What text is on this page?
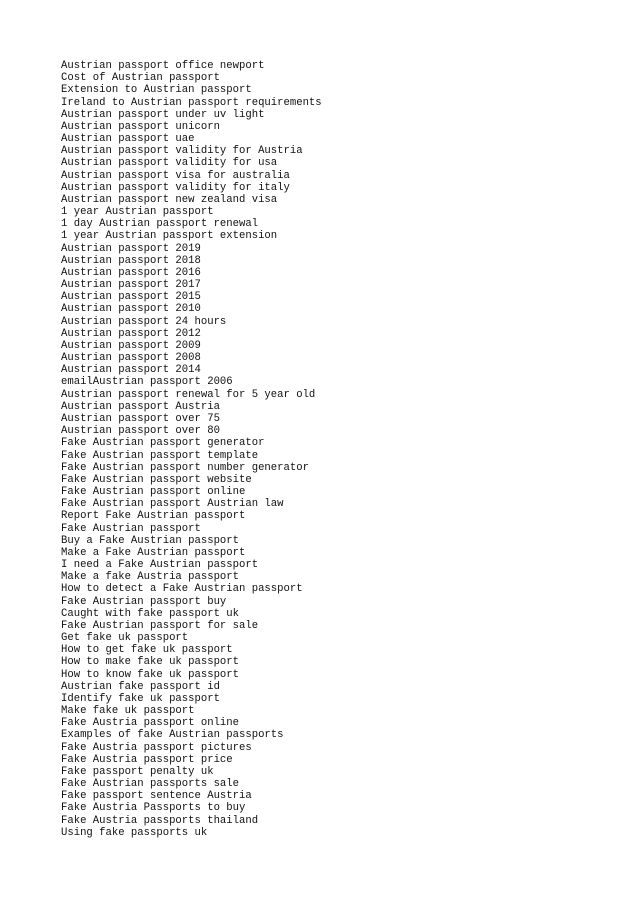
Austrian passport office newport
Cost of Austrian passport
Extension to Austrian passport
Ireland to Austrian passport requirements
Austrian passport under uv light
Austrian passport unicorn
Austrian passport uae
Austrian passport validity for Austria
Austrian passport validity for usa
Austrian passport visa for australia
Austrian passport validity for italy
Austrian passport new zealand visa
1 year Austrian passport
1 day Austrian passport renewal
1 year Austrian passport extension
Austrian passport 2019
Austrian passport 2018
Austrian passport 2016
Austrian passport 2017
Austrian passport 2015
Austrian passport 2010
Austrian passport 24 hours
Austrian passport 2012
Austrian passport 2009
Austrian passport 2008
Austrian passport 2014
emailAustrian passport 2006
Austrian passport renewal for 5 year old
Austrian passport Austria
Austrian passport over 75
Austrian passport over 80
Fake Austrian passport generator
Fake Austrian passport template
Fake Austrian passport number generator
Fake Austrian passport website
Fake Austrian passport online
Fake Austrian passport Austrian law
Report Fake Austrian passport
Fake Austrian passport
Buy a Fake Austrian passport
Make a Fake Austrian passport
I need a Fake Austrian passport
Make a fake Austria passport
How to detect a Fake Austrian passport
Fake Austrian passport buy
Caught with fake passport uk
Fake Austrian passport for sale
Get fake uk passport
How to get fake uk passport
How to make fake uk passport
How to know fake uk passport
Austrian fake passport id
Identify fake uk passport
Make fake uk passport
Fake Austria passport online
Examples of fake Austrian passports
Fake Austria passport pictures
Fake Austria passport price
Fake passport penalty uk
Fake Austrian passports sale
Fake passport sentence Austria
Fake Austria Passports to buy
Fake Austria passports thailand
Using fake passports uk
